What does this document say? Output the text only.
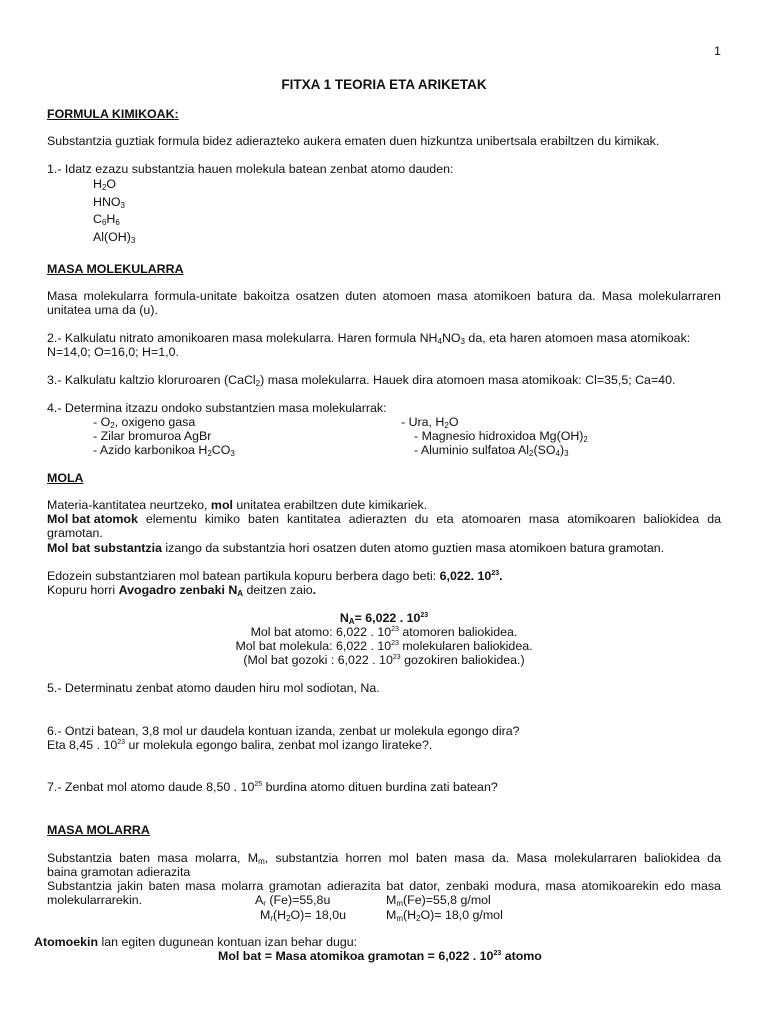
1
FITXA 1 TEORIA ETA ARIKETAK
FORMULA KIMIKOAK:
Substantzia guztiak formula bidez adierazteko aukera ematen duen hizkuntza unibertsala erabiltzen du kimikak.
1.- Idatz ezazu substantzia hauen molekula batean zenbat atomo dauden:
$H_2O$
$HNO_3$
$C_6H_6$
$Al(OH)_3$
MASA MOLEKULARRA
Masa molekularra formula-unitate bakoitza osatzen duten atomoen masa atomikoen batura da. Masa molekularraren
unitatea uma da (u).
2.- Kalkulatu nitrato amonikoaren masa molekularra. Haren formula $NH_4NO_3$ da, eta haren atomoen masa atomikoak:
N=14,0; O=16,0; H=1,0.
3.- Kalkulatu kaltzio kloruroaren (CaCl$_2$) masa molekularra. Hauek dira atomoen masa atomikoak: Cl=35,5; Ca=40.
4.- Determina itzazu ondoko substantzien masa molekularrak:
- $O_2$, oxigeno gasa
- Zilar bromuroa AgBr
- Azido karbonikoa $H_2CO_3$
- Ura, $H_2O$
- Magnesio hidroxidoa $Mg(OH)_2$
- Aluminio sulfatoa $Al_2(SO_4)_3$
MOLA
Materia-kantitatea neurtzeko, mol unitatea erabiltzen dute kimikariek.
Mol bat atomok elementu kimiko baten kantitatea adierazten du eta atomoaren masa atomikoaren baliokidea da
gramotan.
Mol bat substantzia izango da substantzia hori osatzen duten atomo guztien masa atomikoen batura gramotan.
Edozein substantziaren mol batean partikula kopuru berbera dago beti: 6,022. $10^{23}$.
Kopuru horri Avogadro zenbaki $N_A$ deitzen zaio.
$N_A= 6,022$ . $10^{23}$
Mol bat atomo: 6,022 . $10^{23}$ atomoren baliokidea.
Mol bat molekula: 6,022 . $10^{23}$ molekularen baliokidea.
(Mol bat gozoki : 6,022 . $10^{23}$ gozokiren baliokidea.)
5.- Determinatu zenbat atomo dauden hiru mol sodiotan, Na.
6.- Ontzi batean, 3,8 mol ur daudela kontuan izanda, zenbat ur molekula egongo dira?
Eta 8,45 . $10^{23}$ ur molekula egongo balira, zenbat mol izango lirateke?.
7.- Zenbat mol atomo daude 8,50 . $10^{25}$ burdina atomo dituen burdina zati batean?
MASA MOLARRA
Substantzia baten masa molarra, $M_m$, substantzia horren mol baten masa da. Masa molekularraren baliokidea da
baina gramotan adierazita
Substantzia jakin baten masa molarra gramotan adierazita bat dator, zenbaki modura, masa atomikoarekin edo masa
molekularrarekin.	$A_r$ (Fe)=55,8u	$M_m(Fe)=55,8$ g/mol
$M_r(H_2O)= 18,0u$	$M_m(H_2O)= 18,0$ g/mol
Atomoekin lan egiten dugunean kontuan izan behar dugu:
Mol bat = Masa atomikoa gramotan = 6,022 . $10^{23}$ atomo
